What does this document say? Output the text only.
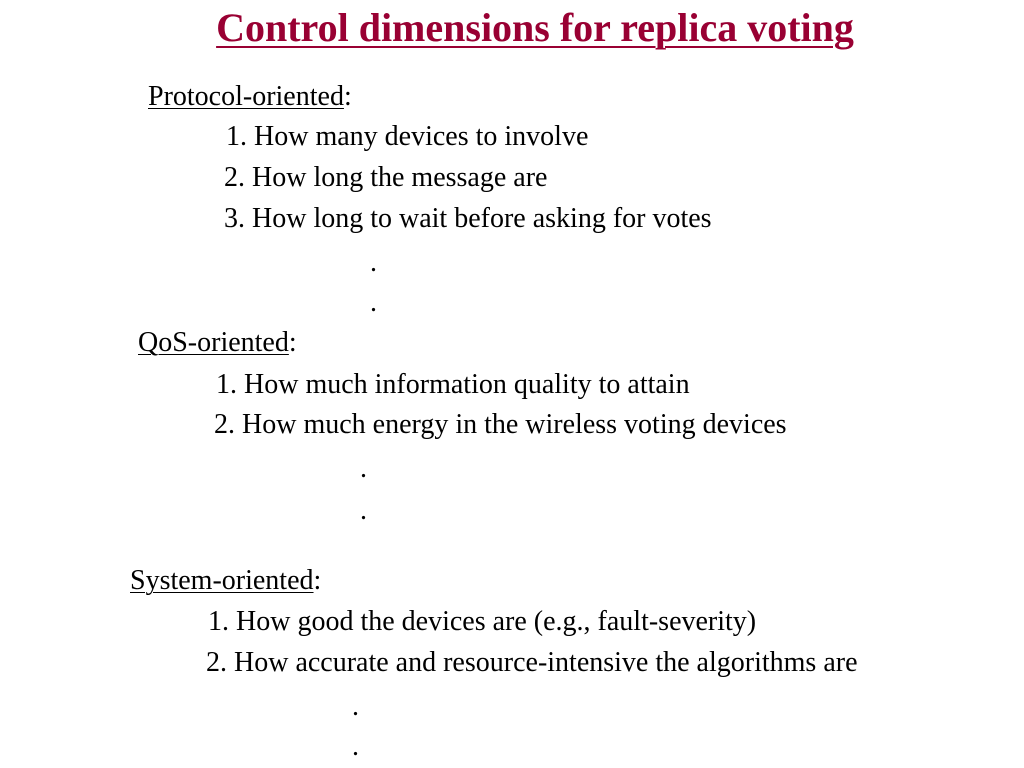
Control dimensions for replica voting
Protocol-oriented:
1. How many devices to involve
2. How long the message are
3. How long to wait before asking for votes
.
.
QoS-oriented:
1. How much information quality to attain
2. How much energy in the wireless voting devices
.
.
System-oriented:
1. How good the devices are (e.g., fault-severity)
2. How accurate and resource-intensive the algorithms are
.
.
